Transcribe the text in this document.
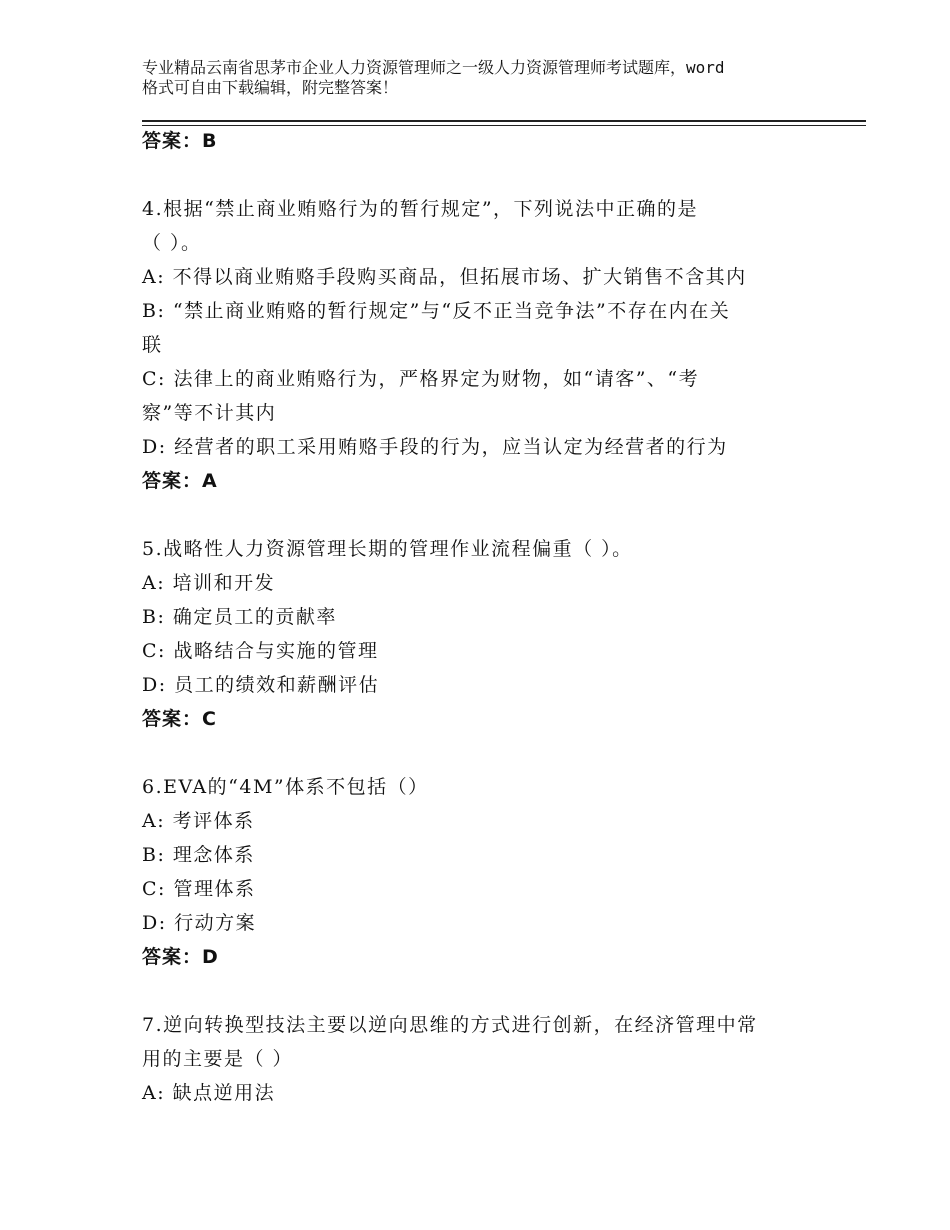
专业精品云南省思茅市企业人力资源管理师之一级人力资源管理师考试题库，word
格式可自由下载编辑，附完整答案！
答案：B
4.根据“禁止商业贿赂行为的暂行规定”，下列说法中正确的是
（ ）。
A: 不得以商业贿赂手段购买商品，但拓展市场、扩大销售不含其内
B: “禁止商业贿赂的暂行规定”与“反不正当竞争法”不存在内在关
联
C: 法律上的商业贿赂行为，严格界定为财物，如“请客”、“考
察”等不计其内
D: 经营者的职工采用贿赂手段的行为，应当认定为经营者的行为
答案：A
5.战略性人力资源管理长期的管理作业流程偏重（ ）。
A: 培训和开发
B: 确定员工的贡献率
C: 战略结合与实施的管理
D: 员工的绩效和薪酬评估
答案：C
6.EVA的“4M”体系不包括（）
A: 考评体系
B: 理念体系
C: 管理体系
D: 行动方案
答案：D
7.逆向转换型技法主要以逆向思维的方式进行创新，在经济管理中常
用的主要是（ ）
A: 缺点逆用法
